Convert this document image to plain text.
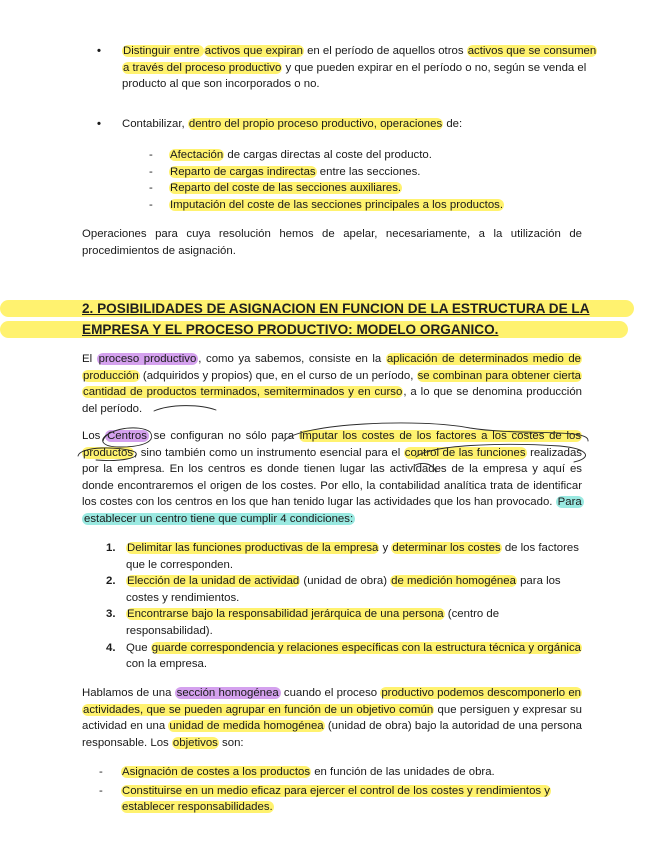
• Distinguir entre activos que expiran en el período de aquellos otros activos que se consumen a través del proceso productivo y que pueden expirar en el período o no, según se venda el producto al que son incorporados o no.
• Contabilizar, dentro del propio proceso productivo, operaciones de:
- Afectación de cargas directas al coste del producto.
- Reparto de cargas indirectas entre las secciones.
- Reparto del coste de las secciones auxiliares.
- Imputación del coste de las secciones principales a los productos.
Operaciones para cuya resolución hemos de apelar, necesariamente, a la utilización de procedimientos de asignación.
2. POSIBILIDADES DE ASIGNACION EN FUNCION DE LA ESTRUCTURA DE LA EMPRESA Y EL PROCESO PRODUCTIVO: MODELO ORGANICO.
El proceso productivo , como ya sabemos, consiste en la aplicación de determinados medio de producción (adquiridos y propios) que, en el curso de un período, se combinan para obtener cierta cantidad de productos terminados, semiterminados y en curso, a lo que se denomina producción del período.
Los Centros se configuran no sólo para imputar los costes de los factores a los costes de los productos, sino también como un instrumento esencial para el control de las funciones realizadas por la empresa. En los centros es donde tienen lugar las actividades de la empresa y aquí es donde encontraremos el origen de los costes. Por ello, la contabilidad analítica trata de identificar los costes con los centros en los que han tenido lugar las actividades que los han provocado. Para establecer un centro tiene que cumplir 4 condiciones:
1. Delimitar las funciones productivas de la empresa y determinar los costes de los factores que le corresponden.
2. Elección de la unidad de actividad (unidad de obra) de medición homogénea para los costes y rendimientos.
3. Encontrarse bajo la responsabilidad jerárquica de una persona (centro de responsabilidad).
4. Que guarde correspondencia y relaciones específicas con la estructura técnica y orgánica con la empresa.
Hablamos de una sección homogénea cuando el proceso productivo podemos descomponerlo en actividades, que se pueden agrupar en función de un objetivo común que persiguen y expresar su actividad en una unidad de medida homogénea (unidad de obra) bajo la autoridad de una persona responsable. Los objetivos son:
- Asignación de costes a los productos en función de las unidades de obra.
- Constituirse en un medio eficaz para ejercer el control de los costes y rendimientos y establecer responsabilidades.
